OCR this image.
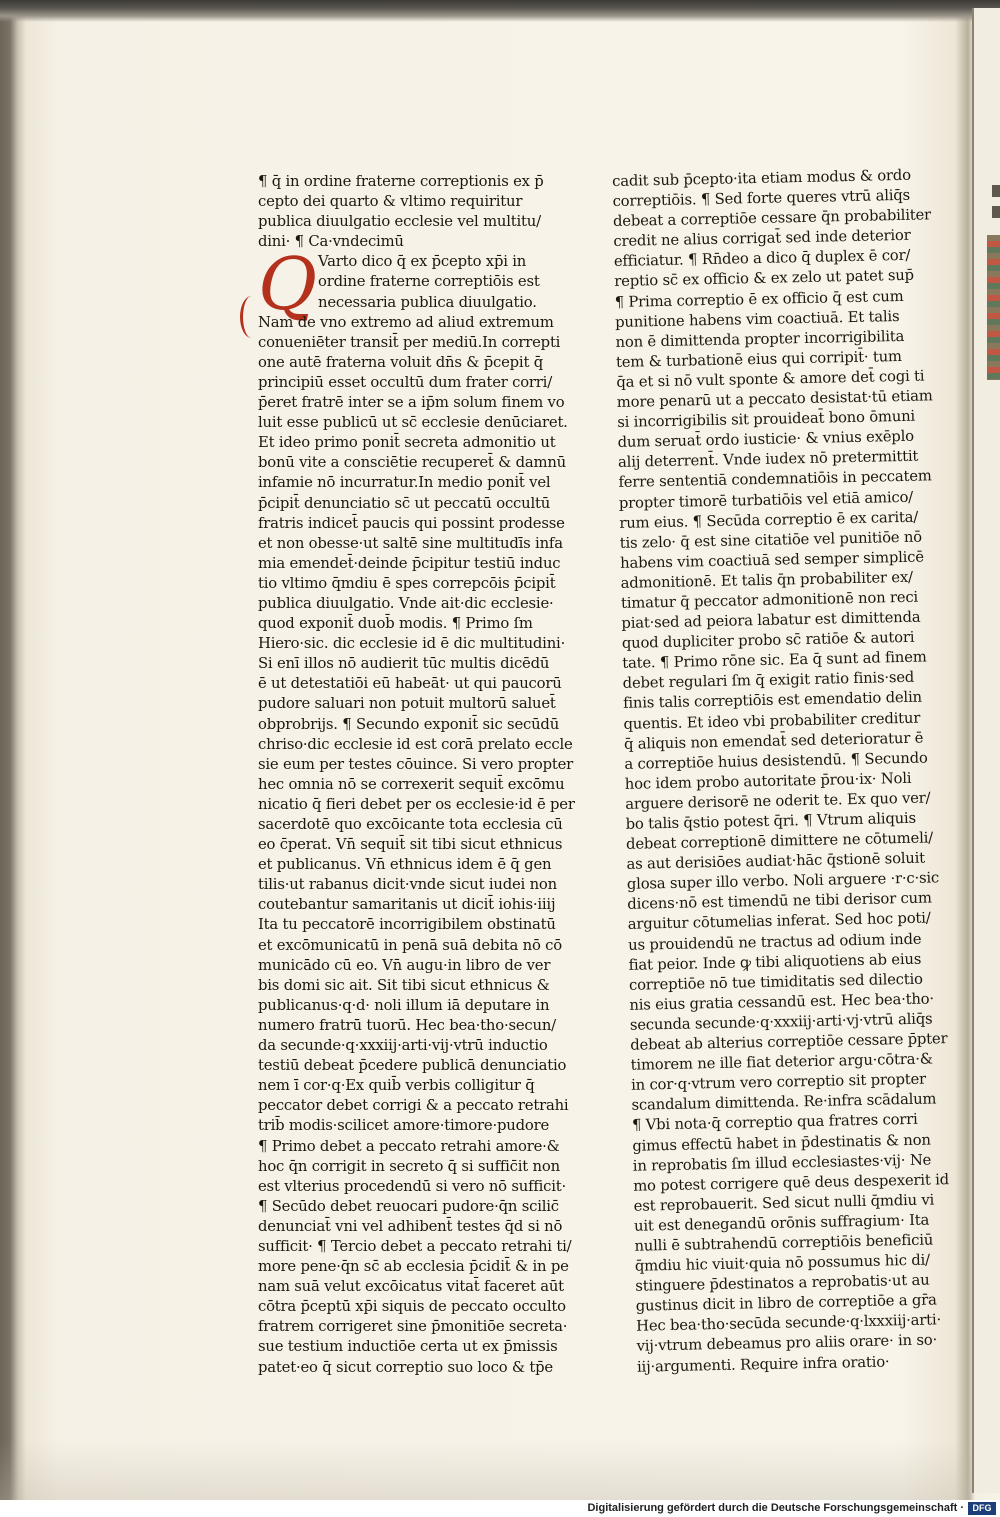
Q
¶ q̄ in ordine fraterne correptionis ex p̄
cepto dei quarto & vltimo requiritur
publica diuulgatio ecclesie vel multitu/
dini· ¶ Ca·vndecimū
Varto dico q̄ ex p̄cepto xp̄i in
ordine fraterne correptiōis est
necessaria publica diuulgatio.
Nam de vno extremo ad aliud extremum
conueniēter transit̄ per mediū.In correpti
one autē fraterna voluit dn̄s & p̄cepit q̄
principiū esset occultū dum frater corri/
p̄eret fratrē inter se a ip̄m solum finem vo
luit esse publicū ut sc̄ ecclesie denūciaret.
Et ideo primo ponit̄ secreta admonitio ut
bonū vite a consciētie recuperet̄ & damnū
infamie nō incurratur.In medio ponit̄ vel
p̄cipit̄ denunciatio sc̄ ut peccatū occultū
fratris indicet̄ paucis qui possint prodesse
et non obesse·ut saltē sine multitudīs infa
mia emendet̄·deinde p̄cipitur testiū induc
tio vltimo q̄mdiu ē spes correpcōis p̄cipit̄
publica diuulgatio. Vnde ait·dic ecclesie·
quod exponit̄ duob̄ modis. ¶ Primo ſm
Hiero·sic. dic ecclesie id ē dic multitudini·
Si enī illos nō audierit tūc multis dicēdū
ē ut detestatiōi eū habeāt· ut qui paucorū
pudore saluari non potuit multorū saluet̄
obprobrijs. ¶ Secundo exponit̄ sic secūdū
chriso·dic ecclesie id est corā prelato eccle
sie eum per testes cōuince. Si vero propter
hec omnia nō se correxerit sequit̄ excōmu
nicatio q̄ fieri debet per os ecclesie·id ē per
sacerdotē quo excōicante tota ecclesia cū
eo c̄perat. Vn̄ sequit̄ sit tibi sicut ethnicus
et publicanus. Vn̄ ethnicus idem ē q̄ gen
tilis·ut rabanus dicit·vnde sicut iudei non
coutebantur samaritanis ut dicit̄ iohis·iiij
Ita tu peccatorē incorrigibilem obstinatū
et excōmunicatū in penā suā debita nō cō
municādo cū eo. Vn̄ augu·in libro de ver
bis domi sic ait. Sit tibi sicut ethnicus &
publicanus·q·d· noli illum iā deputare in
numero fratrū tuorū. Hec bea·tho·secun/
da secunde·q·xxxiij·arti·vij·vtrū inductio
testiū debeat p̄cedere publicā denunciatio
nem ī cor·q·Ex quib̄ verbis colligitur q̄
peccator debet corrigi & a peccato retrahi
trib̄ modis·scilicet amore·timore·pudore
¶ Primo debet a peccato retrahi amore·&
hoc q̄n corrigit in secreto q̄ si suffic̄it non
est vlterius procedendū si vero nō sufficit·
¶ Secūdo debet reuocari pudore·q̄n scilic̄
denunciat̄ vni vel adhibent̄ testes q̄d si nō
sufficit· ¶ Tercio debet a peccato retrahi ti/
more pene·q̄n sc̄ ab ecclesia p̄cidit̄ & in pe
nam suā velut excōicatus vitat̄ faceret aūt
cōtra p̄ceptū xp̄i siquis de peccato occulto
fratrem corrigeret sine p̄monitiōe secreta·
sue testium inductiōe certa ut ex p̄missis
patet·eo q̄ sicut correptio suo loco & tp̄e
cadit sub p̄cepto·ita etiam modus & ordo
correptiōis. ¶ Sed forte queres vtrū aliq̄s
debeat a correptiōe cessare q̄n probabiliter
credit ne alius corrigat̄ sed inde deterior
efficiatur. ¶ Rn̄deo a dico q̄ duplex ē cor/
reptio sc̄ ex officio & ex zelo ut patet sup̄
¶ Prima correptio ē ex officio q̄ est cum
punitione habens vim coactiuā. Et talis
non ē dimittenda propter incorrigibilita
tem & turbationē eius qui corripit̄· tum
q̄a et si nō vult sponte & amore det̄ cogi ti
more penarū ut a peccato desistat·tū etiam
si incorrigibilis sit prouideat̄ bono ōmuni
dum seruat̄ ordo iusticie· & vnius exēplo
alij deterrent̄. Vnde iudex nō pretermittit
ferre sententiā condemnatiōis in peccatem
propter timorē turbatiōis vel etiā amico/
rum eius. ¶ Secūda correptio ē ex carita/
tis zelo· q̄ est sine citatiōe vel punitiōe nō
habens vim coactiuā sed semper simplicē
admonitionē. Et talis q̄n probabiliter ex/
timatur q̄ peccator admonitionē non reci
piat·sed ad peiora labatur est dimittenda
quod dupliciter probo sc̄ ratiōe & autori
tate. ¶ Primo rōne sic. Ea q̄ sunt ad finem
debet regulari ſm q̄ exigit ratio finis·sed
finis talis correptiōis est emendatio delin
quentis. Et ideo vbi probabiliter creditur
q̄ aliquis non emendat̄ sed deterioratur ē
a correptiōe huius desistendū. ¶ Secundo
hoc idem probo autoritate p̄rou·ix· Noli
arguere derisorē ne oderit te. Ex quo ver/
bo talis q̄stio potest q̄ri. ¶ Vtrum aliquis
debeat correptionē dimittere ne cōtumeli/
as aut derisiōes audiat·hāc q̄stionē soluit
glosa super illo verbo. Noli arguere ·r·c·sic
dicens·nō est timendū ne tibi derisor cum
arguitur cōtumelias inferat. Sed hoc poti/
us prouidendū ne tractus ad odium inde
fiat peior. Inde ꝙ tibi aliquotiens ab eius
correptiōe nō tue timiditatis sed dilectio
nis eius gratia cessandū est. Hec bea·tho·
secunda secunde·q·xxxiij·arti·vj·vtrū aliq̄s
debeat ab alterius correptiōe cessare p̄pter
timorem ne ille fiat deterior argu·cōtra·&
in cor·q·vtrum vero correptio sit propter
scandalum dimittenda. Re·infra scādalum
¶ Vbi nota·q̄ correptio qua fratres corri
gimus effectū habet in p̄destinatis & non
in reprobatis ſm illud ecclesiastes·vij· Ne
mo potest corrigere quē deus despexerit id
est reprobauerit. Sed sicut nulli q̄mdiu vi
uit est denegandū orōnis suffragium· Ita
nulli ē subtrahendū correptiōis beneficiū
q̄mdiu hic viuit·quia nō possumus hic di/
stinguere p̄destinatos a reprobatis·ut au
gustinus dicit in libro de correptiōe a gr̄a
Hec bea·tho·secūda secunde·q·lxxxiij·arti·
vij·vtrum debeamus pro aliis orare· in so·
iij·argumenti. Require infra oratio·
Digitalisierung gefördert durch die Deutsche Forschungsgemeinschaft · DFG
